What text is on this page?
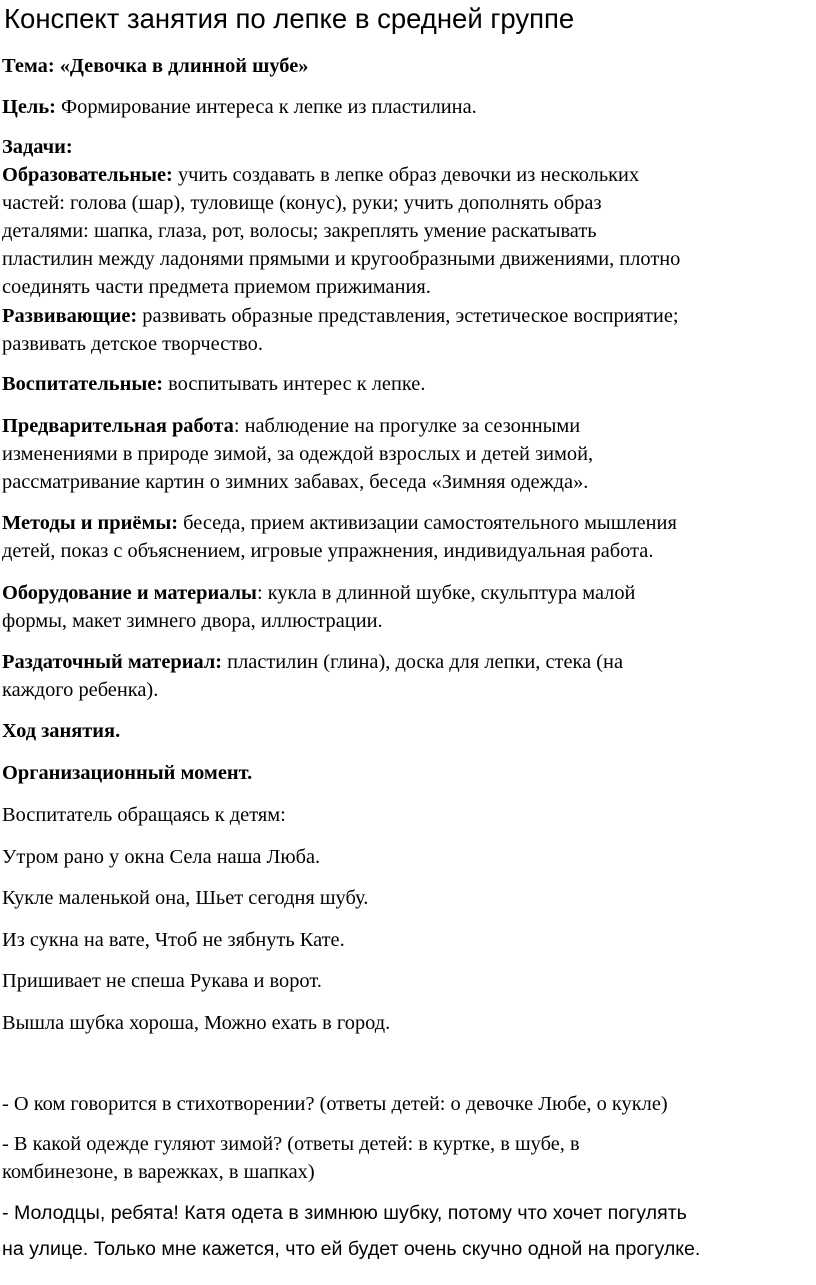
Конспект занятия по лепке в средней группе
Тема: «Девочка в длинной шубе»
Цель: Формирование интереса к лепке из пластилина.
Задачи:
Образовательные: учить создавать в лепке образ девочки из нескольких
частей: голова (шар), туловище (конус), руки; учить дополнять образ
деталями: шапка, глаза, рот, волосы; закреплять умение раскатывать
пластилин между ладонями прямыми и кругообразными движениями, плотно
соединять части предмета приемом прижимания.
Развивающие: развивать образные представления, эстетическое восприятие;
развивать детское творчество.
Воспитательные: воспитывать интерес к лепке.
Предварительная работа: наблюдение на прогулке за сезонными
изменениями в природе зимой, за одеждой взрослых и детей зимой,
рассматривание картин о зимних забавах, беседа «Зимняя одежда».
Методы и приёмы: беседа, прием активизации самостоятельного мышления
детей, показ с объяснением, игровые упражнения, индивидуальная работа.
Оборудование и материалы: кукла в длинной шубке, скульптура малой
формы, макет зимнего двора, иллюстрации.
Раздаточный материал: пластилин (глина), доска для лепки, стека (на
каждого ребенка).
Ход занятия.
Организационный момент.
Воспитатель обращаясь к детям:
Утром рано у окна Села наша Люба.
Кукле маленькой она, Шьет сегодня шубу.
Из сукна на вате, Чтоб не зябнуть Кате.
Пришивает не спеша Рукава и ворот.
Вышла шубка хороша, Можно ехать в город.
- О ком говорится в стихотворении? (ответы детей: о девочке Любе, о кукле)
- В какой одежде гуляют зимой? (ответы детей: в куртке, в шубе, в
комбинезоне, в варежках, в шапках)
- Молодцы, ребята! Катя одета в зимнюю шубку, потому что хочет погулять
на улице. Только мне кажется, что ей будет очень скучно одной на прогулке.
